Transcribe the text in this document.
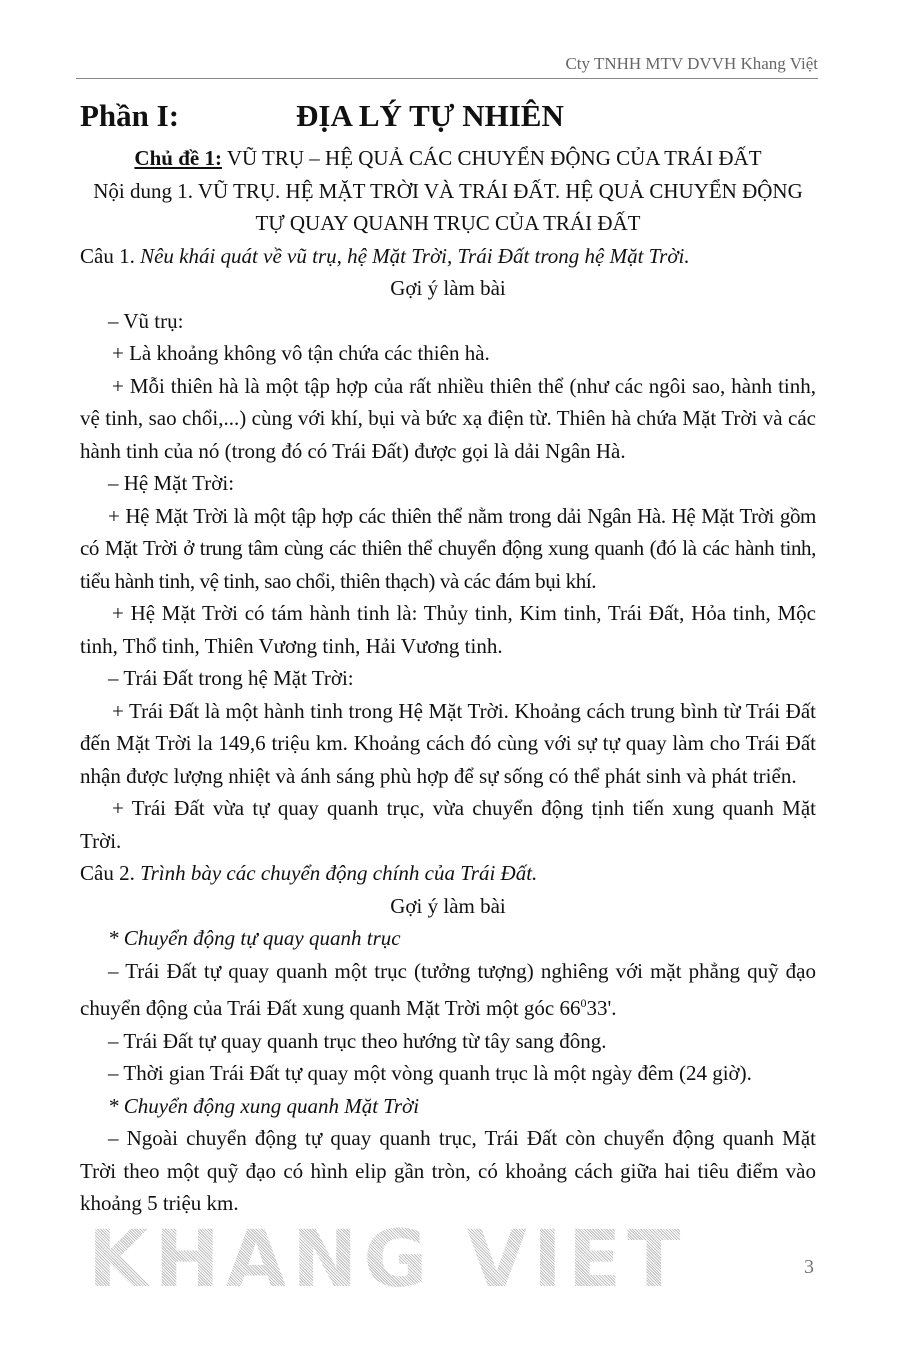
Cty TNHH MTV DVVH Khang Việt
KHANG VIET
Phần I:	ĐỊA LÝ TỰ NHIÊN
Chủ đề 1: VŨ TRỤ – HỆ QUẢ CÁC CHUYỂN ĐỘNG CỦA TRÁI ĐẤT
Nội dung 1. VŨ TRỤ. HỆ MẶT TRỜI VÀ TRÁI ĐẤT. HỆ QUẢ CHUYỂN ĐỘNG TỰ QUAY QUANH TRỤC CỦA TRÁI ĐẤT
Câu 1. Nêu khái quát về vũ trụ, hệ Mặt Trời, Trái Đất trong hệ Mặt Trời.
Gợi ý làm bài
– Vũ trụ:
+ Là khoảng không vô tận chứa các thiên hà.
+ Mỗi thiên hà là một tập hợp của rất nhiều thiên thể (như các ngôi sao, hành tinh, vệ tinh, sao chổi,...) cùng với khí, bụi và bức xạ điện từ. Thiên hà chứa Mặt Trời và các hành tinh của nó (trong đó có Trái Đất) được gọi là dải Ngân Hà.
– Hệ Mặt Trời:
+ Hệ Mặt Trời là một tập hợp các thiên thể nằm trong dải Ngân Hà. Hệ Mặt Trời gồm có Mặt Trời ở trung tâm cùng các thiên thể chuyển động xung quanh (đó là các hành tinh, tiểu hành tinh, vệ tinh, sao chổi, thiên thạch) và các đám bụi khí.
+ Hệ Mặt Trời có tám hành tinh là: Thủy tinh, Kim tinh, Trái Đất, Hỏa tinh, Mộc tinh, Thổ tinh, Thiên Vương tinh, Hải Vương tinh.
– Trái Đất trong hệ Mặt Trời:
+ Trái Đất là một hành tinh trong Hệ Mặt Trời. Khoảng cách trung bình từ Trái Đất đến Mặt Trời la 149,6 triệu km. Khoảng cách đó cùng với sự tự quay làm cho Trái Đất nhận được lượng nhiệt và ánh sáng phù hợp để sự sống có thể phát sinh và phát triển.
+ Trái Đất vừa tự quay quanh trục, vừa chuyển động tịnh tiến xung quanh Mặt Trời.
Câu 2. Trình bày các chuyển động chính của Trái Đất.
Gợi ý làm bài
* Chuyển động tự quay quanh trục
– Trái Đất tự quay quanh một trục (tưởng tượng) nghiêng với mặt phẳng quỹ đạo chuyển động của Trái Đất xung quanh Mặt Trời một góc $66^033'$.
– Trái Đất tự quay quanh trục theo hướng từ tây sang đông.
– Thời gian Trái Đất tự quay một vòng quanh trục là một ngày đêm (24 giờ).
* Chuyển động xung quanh Mặt Trời
– Ngoài chuyển động tự quay quanh trục, Trái Đất còn chuyển động quanh Mặt Trời theo một quỹ đạo có hình elip gần tròn, có khoảng cách giữa hai tiêu điểm vào khoảng 5 triệu km.
3
